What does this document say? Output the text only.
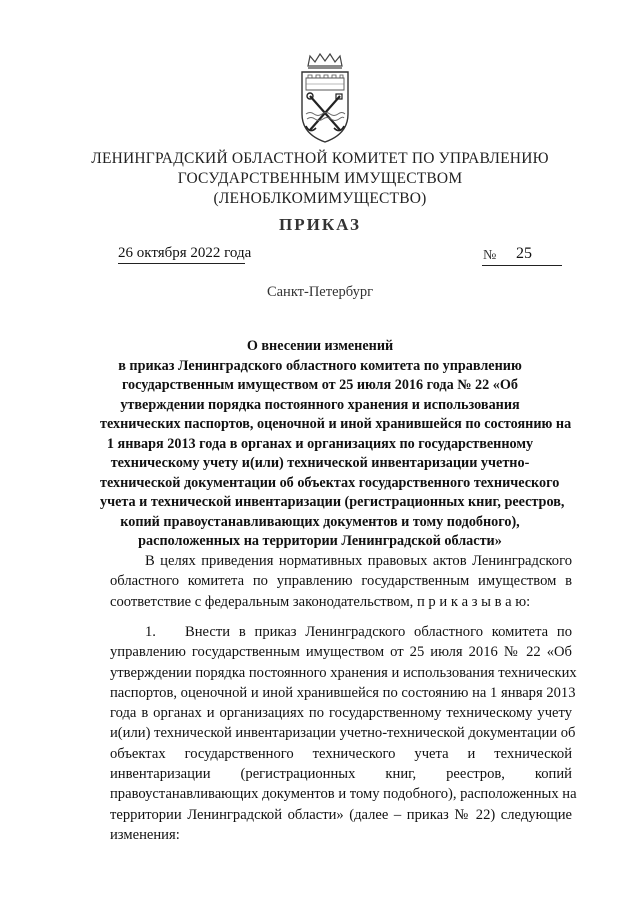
ЛЕНИНГРАДСКИЙ ОБЛАСТНОЙ КОМИТЕТ ПО УПРАВЛЕНИЮ
ГОСУДАРСТВЕННЫМ ИМУЩЕСТВОМ
(ЛЕНОБЛКОМИМУЩЕСТВО)
ПРИКАЗ
26 октября 2022 года	№ 25
Санкт-Петербург
О внесении изменений
в приказ Ленинградского областного комитета по управлению
государственным имуществом от 25 июля 2016 года № 22 «Об
утверждении порядка постоянного хранения и использования
технических паспортов, оценочной и иной хранившейся по состоянию на
1 января 2013 года в органах и организациях по государственному
техническому учету и(или) технической инвентаризации учетно-
технической документации об объектах государственного технического
учета и технической инвентаризации (регистрационных книг, реестров,
копий правоустанавливающих документов и тому подобного),
расположенных на территории Ленинградской области»
В целях приведения нормативных правовых актов Ленинградского
областного комитета по управлению государственным имуществом в
соответствие с федеральным законодательством, п р и к а з ы в а ю:
1. Внести в приказ Ленинградского областного комитета по
управлению государственным имуществом от 25 июля 2016 № 22 «Об
утверждении порядка постоянного хранения и использования технических
паспортов, оценочной и иной хранившейся по состоянию на 1 января 2013
года в органах и организациях по государственному техническому учету
и(или) технической инвентаризации учетно-технической документации об
объектах государственного технического учета и технической
инвентаризации (регистрационных книг, реестров, копий
правоустанавливающих документов и тому подобного), расположенных на
территории Ленинградской области» (далее – приказ № 22) следующие
изменения:
